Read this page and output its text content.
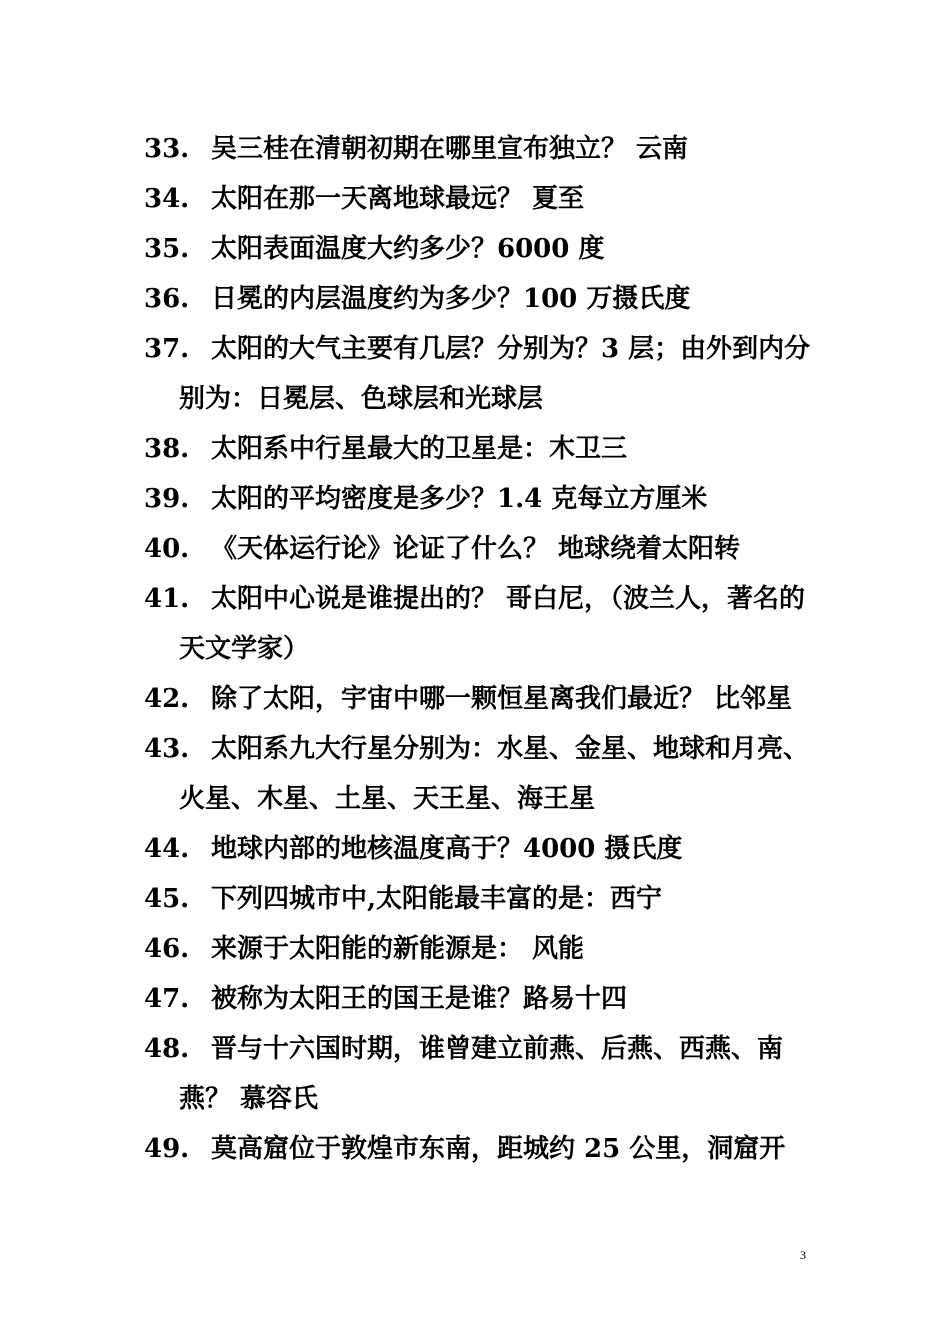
33. 吴三桂在清朝初期在哪里宣布独立？ 云南
34. 太阳在那一天离地球最远？ 夏至
35. 太阳表面温度大约多少？6000 度
36. 日冕的内层温度约为多少？100 万摄氏度
37. 太阳的大气主要有几层？分别为？3 层；由外到内分别为：日冕层、色球层和光球层
38. 太阳系中行星最大的卫星是：木卫三
39. 太阳的平均密度是多少？1.4 克每立方厘米
40. 《天体运行论》论证了什么？ 地球绕着太阳转
41. 太阳中心说是谁提出的？ 哥白尼，（波兰人，著名的天文学家）
42. 除了太阳，宇宙中哪一颗恒星离我们最近？ 比邻星
43. 太阳系九大行星分别为：水星、金星、地球和月亮、火星、木星、土星、天王星、海王星
44. 地球内部的地核温度高于？4000 摄氏度
45. 下列四城市中,太阳能最丰富的是：西宁
46. 来源于太阳能的新能源是： 风能
47. 被称为太阳王的国王是谁？路易十四
48. 晋与十六国时期，谁曾建立前燕、后燕、西燕、南燕？ 慕容氏
49. 莫高窟位于敦煌市东南，距城约 25 公里，洞窟开
3
